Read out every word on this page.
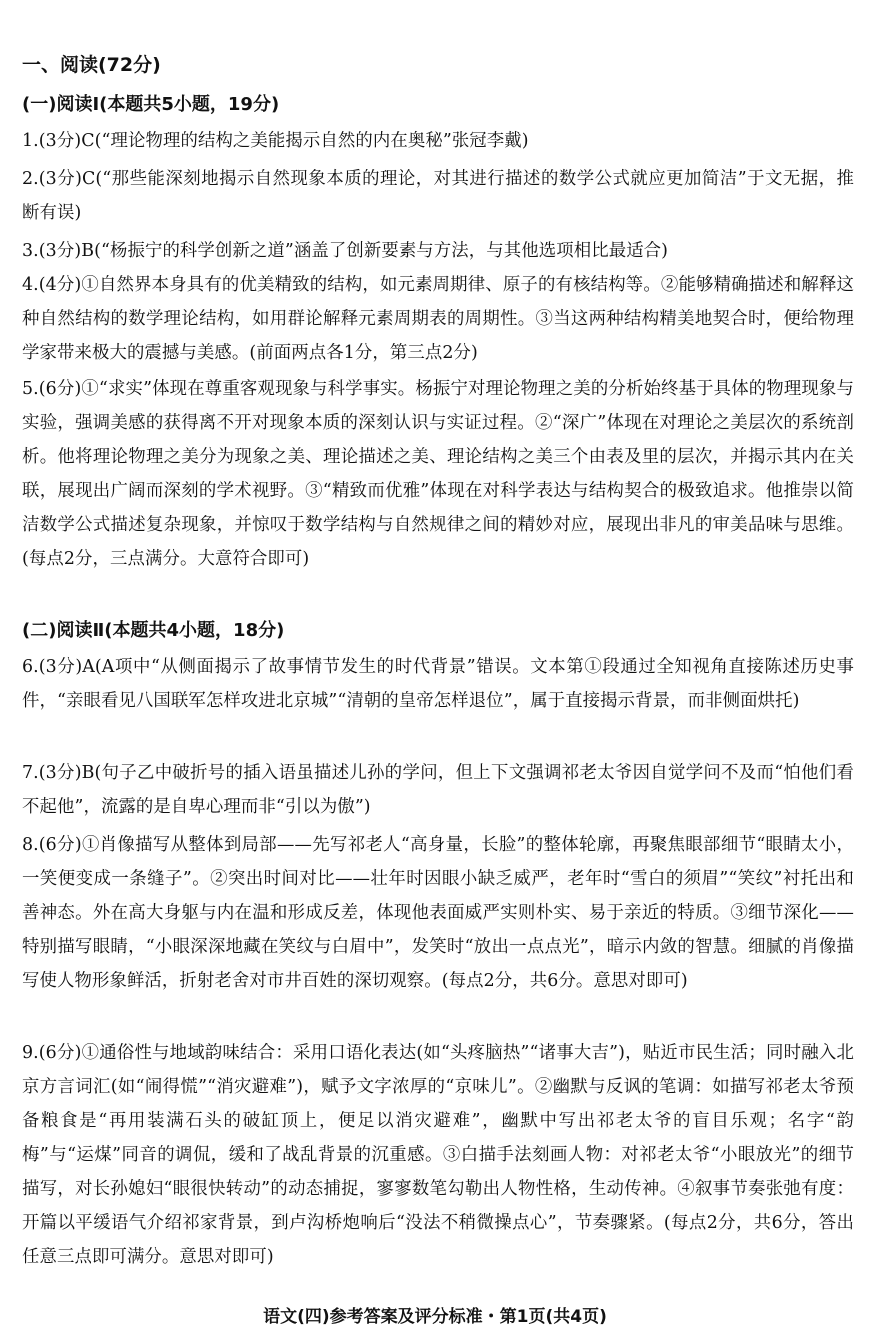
一、阅读(72分)
(一)阅读Ⅰ(本题共5小题，19分)
1.(3分)C(“理论物理的结构之美能揭示自然的内在奥秘”张冠李戴)
2.(3分)C(“那些能深刻地揭示自然现象本质的理论，对其进行描述的数学公式就应更加简洁”于文无据，推断有误)
3.(3分)B(“杨振宁的科学创新之道”涵盖了创新要素与方法，与其他选项相比最适合)
4.(4分)①自然界本身具有的优美精致的结构，如元素周期律、原子的有核结构等。②能够精确描述和解释这种自然结构的数学理论结构，如用群论解释元素周期表的周期性。③当这两种结构精美地契合时，便给物理学家带来极大的震撼与美感。(前面两点各1分，第三点2分)
5.(6分)①“求实”体现在尊重客观现象与科学事实。杨振宁对理论物理之美的分析始终基于具体的物理现象与实验，强调美感的获得离不开对现象本质的深刻认识与实证过程。②“深广”体现在对理论之美层次的系统剖析。他将理论物理之美分为现象之美、理论描述之美、理论结构之美三个由表及里的层次，并揭示其内在关联，展现出广阔而深刻的学术视野。③“精致而优雅”体现在对科学表达与结构契合的极致追求。他推崇以简洁数学公式描述复杂现象，并惊叹于数学结构与自然规律之间的精妙对应，展现出非凡的审美品味与思维。(每点2分，三点满分。大意符合即可)
(二)阅读Ⅱ(本题共4小题，18分)
6.(3分)A(A项中“从侧面揭示了故事情节发生的时代背景”错误。文本第①段通过全知视角直接陈述历史事件，“亲眼看见八国联军怎样攻进北京城”“清朝的皇帝怎样退位”，属于直接揭示背景，而非侧面烘托)
7.(3分)B(句子乙中破折号的插入语虽描述儿孙的学问，但上下文强调祁老太爷因自觉学问不及而“怕他们看不起他”，流露的是自卑心理而非“引以为傲”)
8.(6分)①肖像描写从整体到局部——先写祁老人“高身量，长脸”的整体轮廓，再聚焦眼部细节“眼睛太小，一笑便变成一条缝子”。②突出时间对比——壮年时因眼小缺乏威严，老年时“雪白的须眉”“笑纹”衬托出和善神态。外在高大身躯与内在温和形成反差，体现他表面威严实则朴实、易于亲近的特质。③细节深化——特别描写眼睛，“小眼深深地藏在笑纹与白眉中”，发笑时“放出一点点光”，暗示内敛的智慧。细腻的肖像描写使人物形象鲜活，折射老舍对市井百姓的深切观察。(每点2分，共6分。意思对即可)
9.(6分)①通俗性与地域韵味结合：采用口语化表达(如“头疼脑热”“诸事大吉”)，贴近市民生活；同时融入北京方言词汇(如“闹得慌”“消灾避难”)，赋予文字浓厚的“京味儿”。②幽默与反讽的笔调：如描写祁老太爷预备粮食是“再用装满石头的破缸顶上，便足以消灾避难”，幽默中写出祁老太爷的盲目乐观；名字“韵梅”与“运煤”同音的调侃，缓和了战乱背景的沉重感。③白描手法刻画人物：对祁老太爷“小眼放光”的细节描写，对长孙媳妇“眼很快转动”的动态捕捉，寥寥数笔勾勒出人物性格，生动传神。④叙事节奏张弛有度：开篇以平缓语气介绍祁家背景，到卢沟桥炮响后“没法不稍微操点心”，节奏骤紧。(每点2分，共6分，答出任意三点即可满分。意思对即可)
语文(四)参考答案及评分标准・第1页(共4页)
